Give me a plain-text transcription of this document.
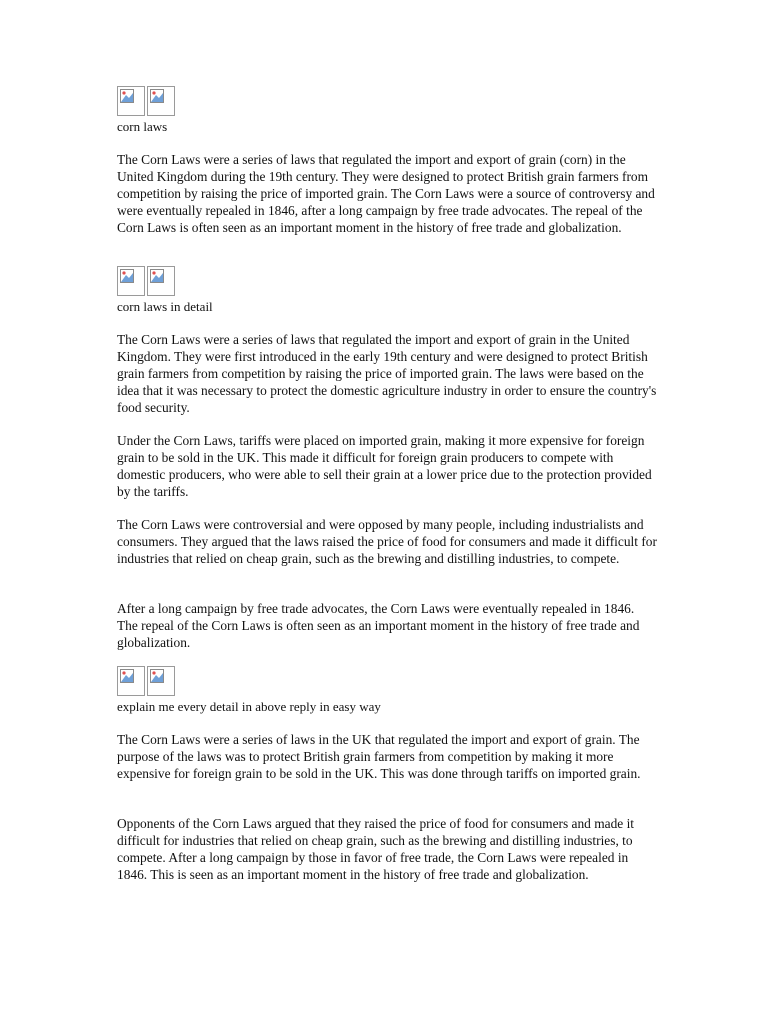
corn laws

The Corn Laws were a series of laws that regulated the import and export of grain (corn) in the United Kingdom during the 19th century. They were designed to protect British grain farmers from competition by raising the price of imported grain. The Corn Laws were a source of controversy and were eventually repealed in 1846, after a long campaign by free trade advocates. The repeal of the Corn Laws is often seen as an important moment in the history of free trade and globalization.

corn laws in detail

The Corn Laws were a series of laws that regulated the import and export of grain in the United Kingdom. They were first introduced in the early 19th century and were designed to protect British grain farmers from competition by raising the price of imported grain. The laws were based on the idea that it was necessary to protect the domestic agriculture industry in order to ensure the country's food security.

Under the Corn Laws, tariffs were placed on imported grain, making it more expensive for foreign grain to be sold in the UK. This made it difficult for foreign grain producers to compete with domestic producers, who were able to sell their grain at a lower price due to the protection provided by the tariffs.

The Corn Laws were controversial and were opposed by many people, including industrialists and consumers. They argued that the laws raised the price of food for consumers and made it difficult for industries that relied on cheap grain, such as the brewing and distilling industries, to compete.

After a long campaign by free trade advocates, the Corn Laws were eventually repealed in 1846. The repeal of the Corn Laws is often seen as an important moment in the history of free trade and globalization.

explain me every detail in above reply in easy way

The Corn Laws were a series of laws in the UK that regulated the import and export of grain. The purpose of the laws was to protect British grain farmers from competition by making it more expensive for foreign grain to be sold in the UK. This was done through tariffs on imported grain.

Opponents of the Corn Laws argued that they raised the price of food for consumers and made it difficult for industries that relied on cheap grain, such as the brewing and distilling industries, to compete. After a long campaign by those in favor of free trade, the Corn Laws were repealed in 1846. This is seen as an important moment in the history of free trade and globalization.
